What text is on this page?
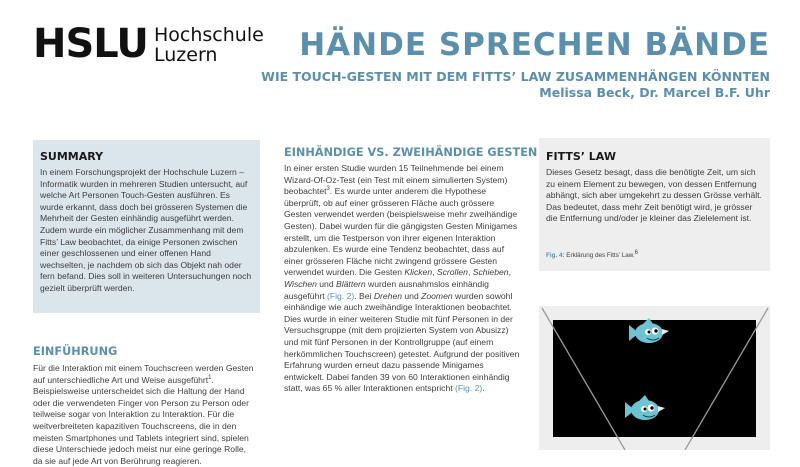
HSLU Hochschule
Luzern	HÄNDE SPRECHEN BÄNDE
WIE TOUCH-GESTEN MIT DEM FITTS’ LAW ZUSAMMENHÄNGEN KÖNNTEN
Melissa Beck, Dr. Marcel B.F. Uhr
SUMMARY
In einem Forschungsprojekt der Hochschule Luzern – Informatik wurden in mehreren Studien untersucht, auf welche Art Personen Touch-Gesten ausführen. Es wurde erkannt, dass doch bei grösseren Systemen die Mehrheit der Gesten einhändig ausgeführt werden. Zudem wurde ein möglicher Zusammenhang mit dem Fitts’ Law beobachtet, da einige Personen zwischen einer geschlossenen und einer offenen Hand wechselten, je nachdem ob sich das Objekt nah oder fern befand. Dies soll in weiteren Untersuchungen noch gezielt überprüft werden.
EINFÜHRUNG
Für die Interaktion mit einem Touchscreen werden Gesten auf unterschiedliche Art und Weise ausgeführt$^1$. Beispielsweise unterscheidet sich die Haltung der Hand oder die verwendeten Finger von Person zu Person oder teilweise sogar von Interaktion zu Interaktion. Für die weitverbreiteten kapazitiven Touchscreens, die in den meisten Smartphones und Tablets integriert sind, spielen diese Unterschiede jedoch meist nur eine geringe Rolle, da sie auf jede Art von Berührung reagieren.
EINHÄNDIGE VS. ZWEIHÄNDIGE GESTEN
In einer ersten Studie wurden 15 Teilnehmende bei einem Wizard-Of-Oz-Test (ein Test mit einem simulierten System) beobachtet$^3$. Es wurde unter anderem die Hypothese überprüft, ob auf einer grösseren Fläche auch grössere Gesten verwendet werden (beispielsweise mehr zweihändige Gesten). Dabei wurden für die gängigsten Gesten Minigames erstellt, um die Testperson von ihrer eigenen Interaktion abzulenken. Es wurde eine Tendenz beobachtet, dass auf einer grösseren Fläche nicht zwingend grössere Gesten verwendet wurden. Die Gesten Klicken, Scrollen, Schieben, Wischen und Blättern wurden ausnahmslos einhändig ausgeführt (Fig. 2). Bei Drehen und Zoomen wurden sowohl einhändige wie auch zweihändige Interaktionen beobachtet. Dies wurde in einer weiteren Studie mit fünf Personen in der Versuchsgruppe (mit dem projizierten System von Abusizz) und mit fünf Personen in der Kontrollgruppe (auf einem herkömmlichen Touchscreen) getestet. Aufgrund der positiven Erfahrung wurden erneut dazu passende Minigames entwickelt. Dabei fanden 39 von 60 Interaktionen einhändig statt, was 65 % aller Interaktionen entspricht (Fig. 2).
FITTS’ LAW
Dieses Gesetz besagt, dass die benötigte Zeit, um sich zu einem Element zu bewegen, von dessen Entfernung abhängt, sich aber umgekehrt zu dessen Grösse verhält. Das bedeutet, dass mehr Zeit benötigt wird, je grösser die Entfernung und/oder je kleiner das Zielelement ist.
Fig. 4: Erklärung des Fitts’ Law.$^6$
